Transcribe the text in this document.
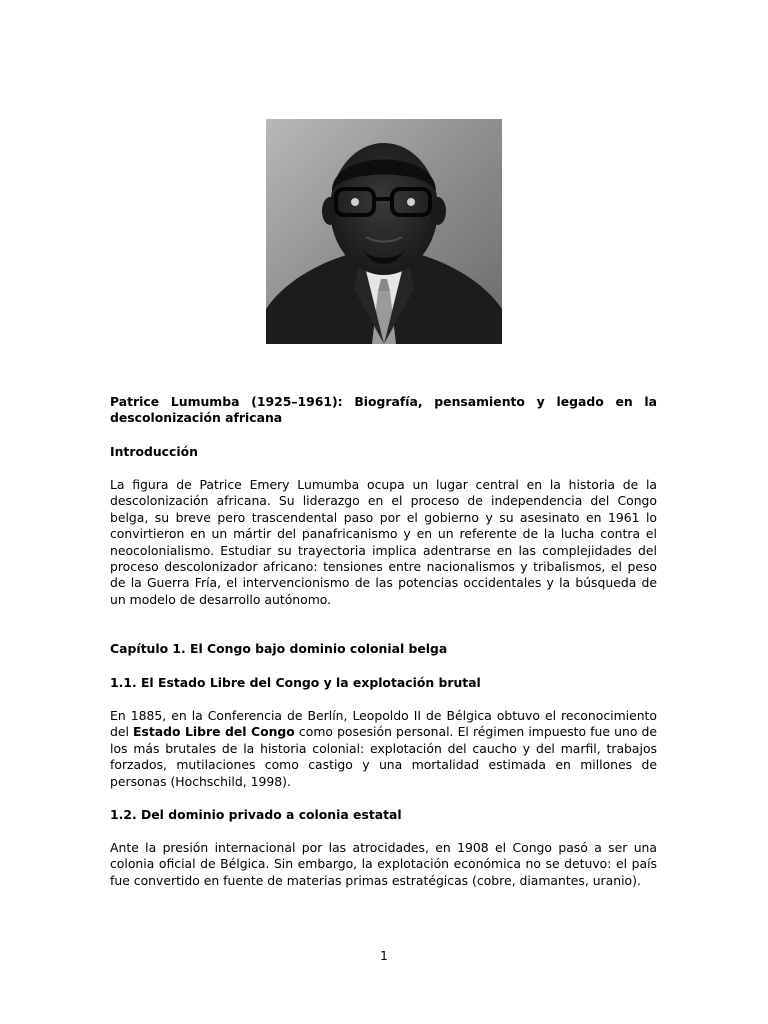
Patrice Lumumba (1925–1961): Biografía, pensamiento y legado en la descolonización africana
Introducción
La figura de Patrice Emery Lumumba ocupa un lugar central en la historia de la descolonización africana. Su liderazgo en el proceso de independencia del Congo belga, su breve pero trascendental paso por el gobierno y su asesinato en 1961 lo convirtieron en un mártir del panafricanismo y en un referente de la lucha contra el neocolonialismo. Estudiar su trayectoria implica adentrarse en las complejidades del proceso descolonizador africano: tensiones entre nacionalismos y tribalismos, el peso de la Guerra Fría, el intervencionismo de las potencias occidentales y la búsqueda de un modelo de desarrollo autónomo.
Capítulo 1. El Congo bajo dominio colonial belga
1.1. El Estado Libre del Congo y la explotación brutal
En 1885, en la Conferencia de Berlín, Leopoldo II de Bélgica obtuvo el reconocimiento del Estado Libre del Congo como posesión personal. El régimen impuesto fue uno de los más brutales de la historia colonial: explotación del caucho y del marfil, trabajos forzados, mutilaciones como castigo y una mortalidad estimada en millones de personas (Hochschild, 1998).
1.2. Del dominio privado a colonia estatal
Ante la presión internacional por las atrocidades, en 1908 el Congo pasó a ser una colonia oficial de Bélgica. Sin embargo, la explotación económica no se detuvo: el país fue convertido en fuente de materias primas estratégicas (cobre, diamantes, uranio).
1
